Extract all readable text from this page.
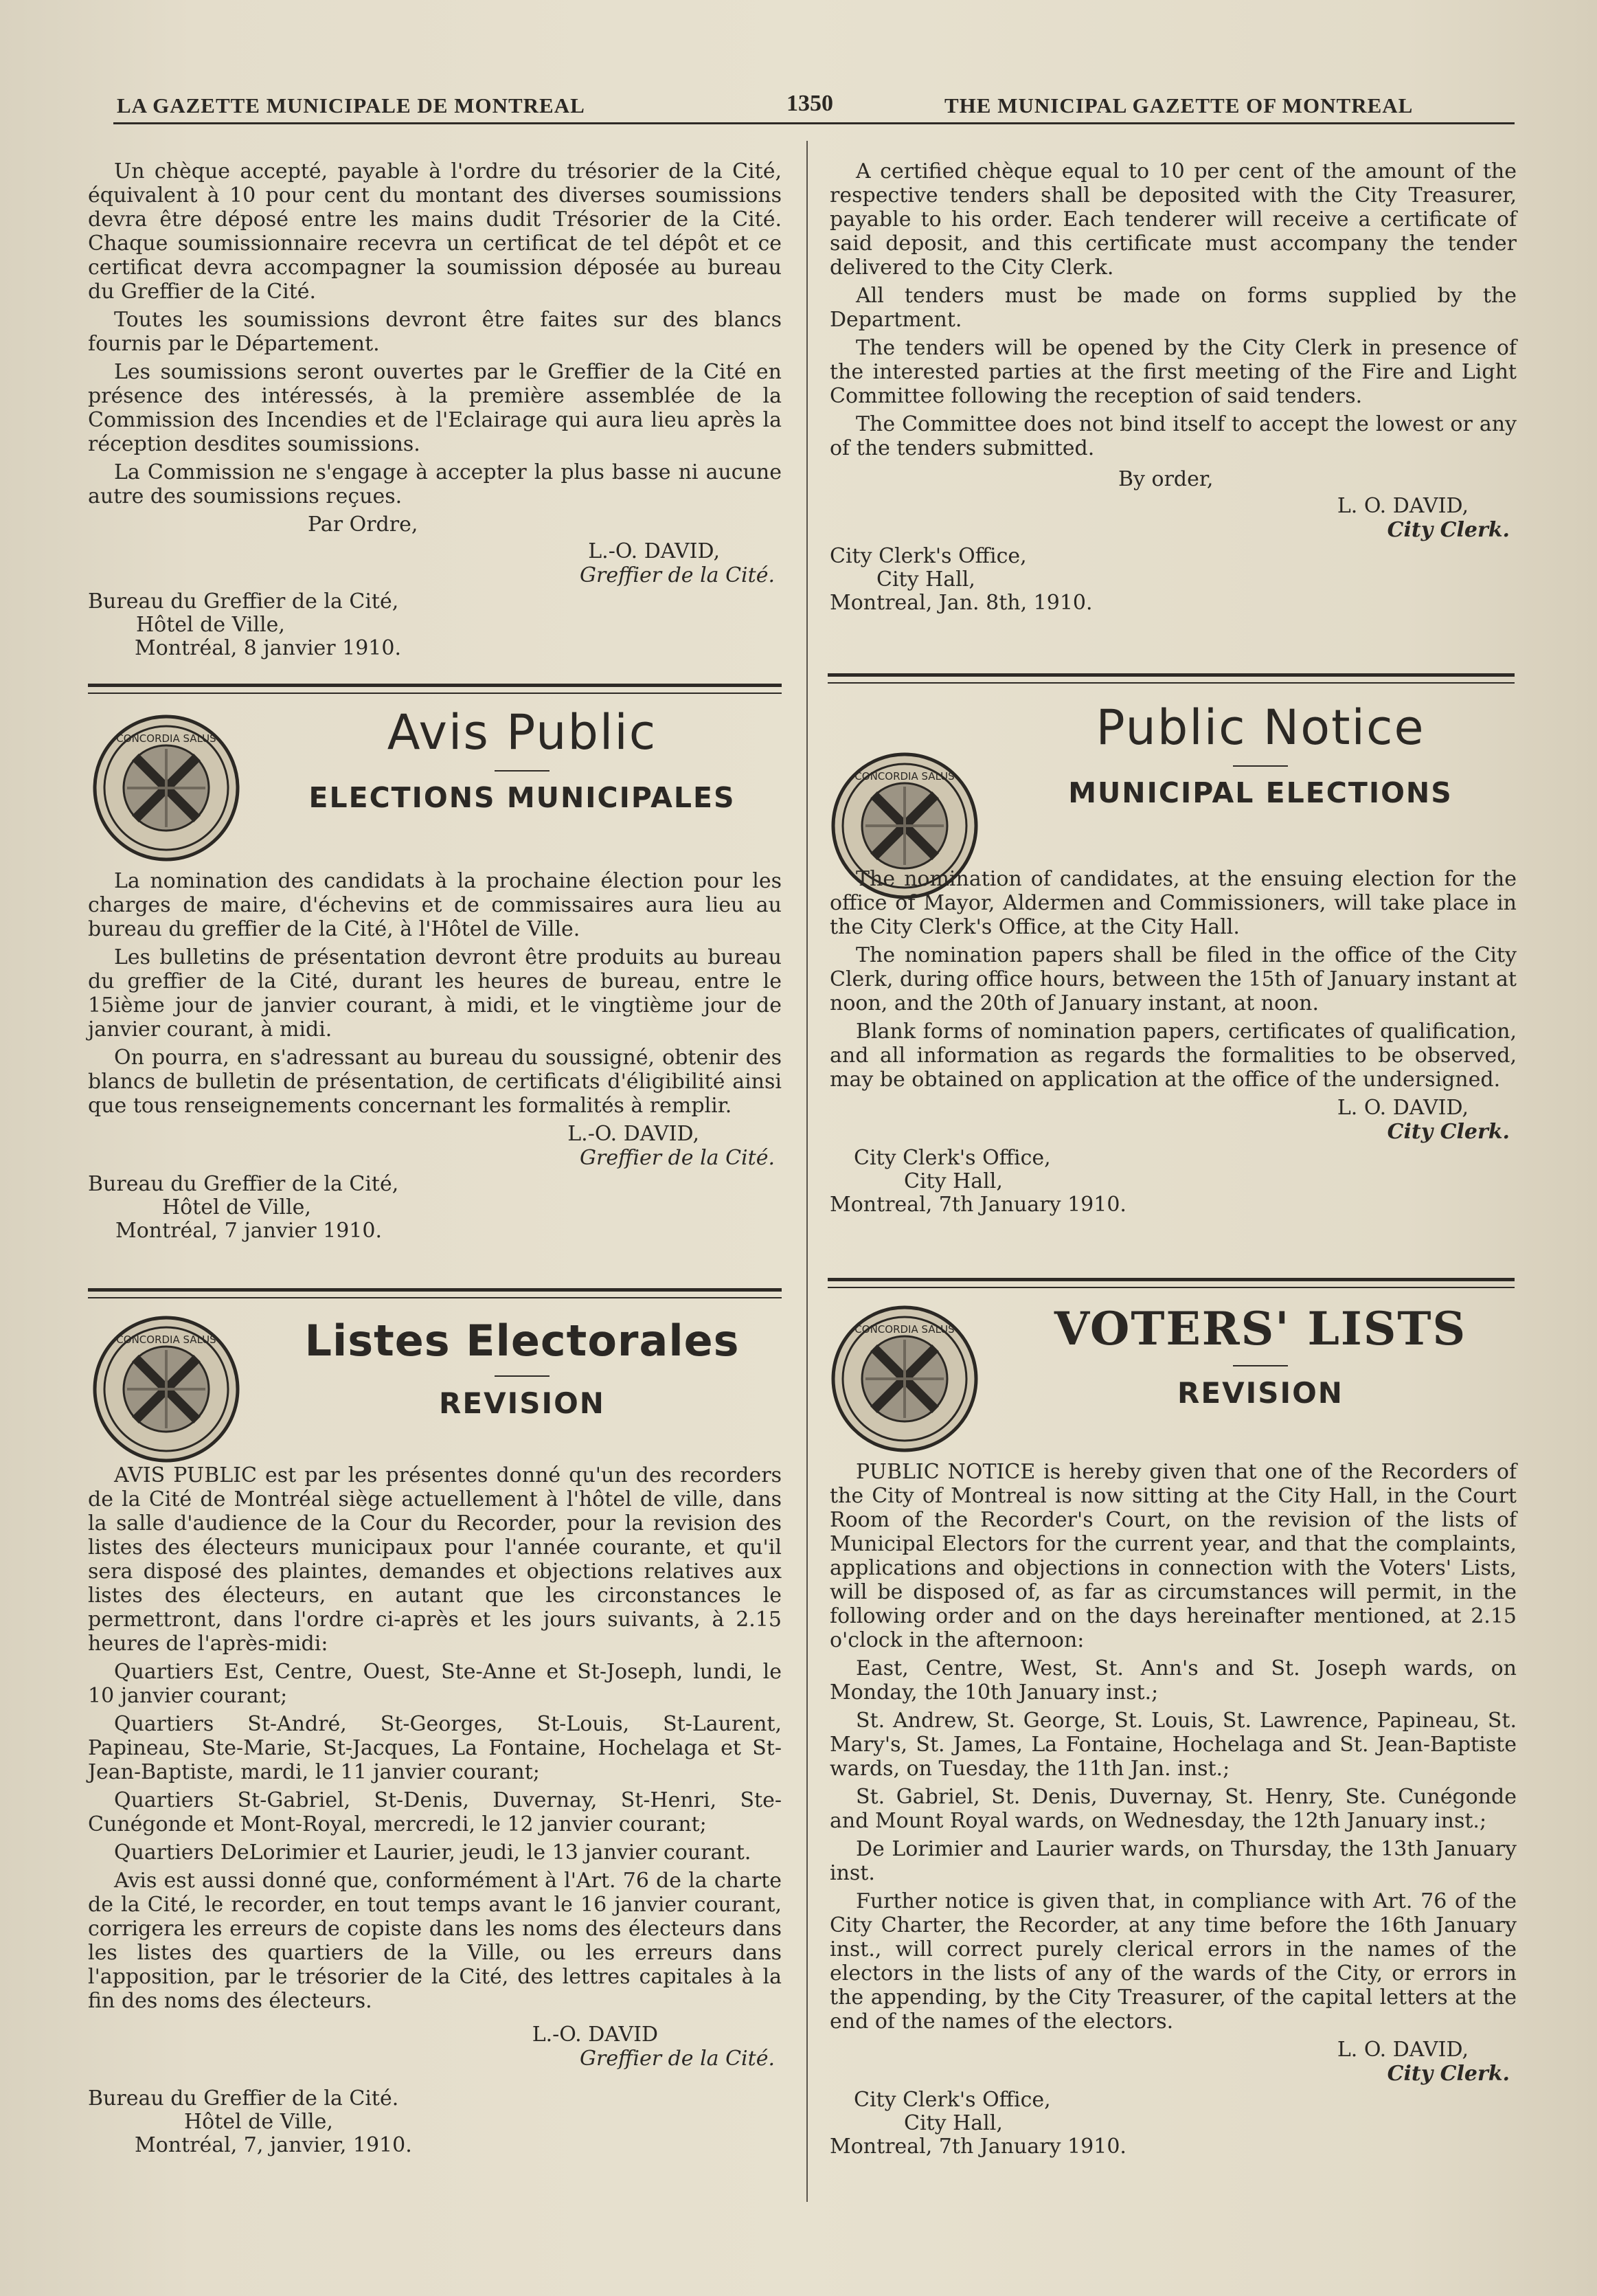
LA GAZETTE MUNICIPALE DE MONTREAL	1350	THE MUNICIPAL GAZETTE OF MONTREAL

Un chèque accepté, payable à l'ordre du trésorier de la Cité, équivalent à 10 pour cent du montant des diverses soumissions devra être déposé entre les mains dudit Trésorier de la Cité. Chaque soumissionnaire recevra un certificat de tel dépôt et ce certificat devra accompagner la soumission déposée au bureau du Greffier de la Cité.

Toutes les soumissions devront être faites sur des blancs fournis par le Département.

Les soumissions seront ouvertes par le Greffier de la Cité en présence des intéressés, à la première assemblée de la Commission des Incendies et de l'Eclairage qui aura lieu après la réception desdites soumissions.

La Commission ne s'engage à accepter la plus basse ni aucune autre des soumissions reçues.

Par Ordre,
L.-O. DAVID,
Greffier de la Cité.
Bureau du Greffier de la Cité,
Hôtel de Ville,
Montréal, 8 janvier 1910.

A certified chèque equal to 10 per cent of the amount of the respective tenders shall be deposited with the City Treasurer, payable to his order. Each tenderer will receive a certificate of said deposit, and this certificate must accompany the tender delivered to the City Clerk.

All tenders must be made on forms supplied by the Department.

The tenders will be opened by the City Clerk in presence of the interested parties at the first meeting of the Fire and Light Committee following the reception of said tenders.

The Committee does not bind itself to accept the lowest or any of the tenders submitted.

By order,
L. O. DAVID,
City Clerk.
City Clerk's Office,
City Hall,
Montreal, Jan. 8th, 1910.
CONCORDIA SALUS	Avis Public
ELECTIONS MUNICIPALES

La nomination des candidats à la prochaine élection pour les charges de maire, d'échevins et de commissaires aura lieu au bureau du greffier de la Cité, à l'Hôtel de Ville.

Les bulletins de présentation devront être produits au bureau du greffier de la Cité, durant les heures de bureau, entre le 15ième jour de janvier courant, à midi, et le vingtième jour de janvier courant, à midi.

On pourra, en s'adressant au bureau du soussigné, obtenir des blancs de bulletin de présentation, de certificats d'éligibilité ainsi que tous renseignements concernant les formalités à remplir.

L.-O. DAVID,
Greffier de la Cité.
Bureau du Greffier de la Cité,
Hôtel de Ville,
Montréal, 7 janvier 1910.
CONCORDIA SALUS
Public Notice
MUNICIPAL ELECTIONS

The nomination of candidates, at the ensuing election for the office of Mayor, Aldermen and Commissioners, will take place in the City Clerk's Office, at the City Hall.

The nomination papers shall be filed in the office of the City Clerk, during office hours, between the 15th of January instant at noon, and the 20th of January instant, at noon.

Blank forms of nomination papers, certificates of qualification, and all information as regards the formalities to be observed, may be obtained on application at the office of the undersigned.

L. O. DAVID,
City Clerk.
City Clerk's Office,
City Hall,
Montreal, 7th January 1910.
CONCORDIA SALUS	Listes Electorales
REVISION

AVIS PUBLIC est par les présentes donné qu'un des recorders de la Cité de Montréal siège actuellement à l'hôtel de ville, dans la salle d'audience de la Cour du Recorder, pour la revision des listes des électeurs municipaux pour l'année courante, et qu'il sera disposé des plaintes, demandes et objections relatives aux listes des électeurs, en autant que les circonstances le permettront, dans l'ordre ci-après et les jours suivants, à 2.15 heures de l'après-midi:

Quartiers Est, Centre, Ouest, Ste-Anne et St-Joseph, lundi, le 10 janvier courant;

Quartiers St-André, St-Georges, St-Louis, St-Laurent, Papineau, Ste-Marie, St-Jacques, La Fontaine, Hochelaga et St-Jean-Baptiste, mardi, le 11 janvier courant;

Quartiers St-Gabriel, St-Denis, Duvernay, St-Henri, Ste-Cunégonde et Mont-Royal, mercredi, le 12 janvier courant;

Quartiers DeLorimier et Laurier, jeudi, le 13 janvier courant.

Avis est aussi donné que, conformément à l'Art. 76 de la charte de la Cité, le recorder, en tout temps avant le 16 janvier courant, corrigera les erreurs de copiste dans les noms des électeurs dans les listes des quartiers de la Ville, ou les erreurs dans l'apposition, par le trésorier de la Cité, des lettres capitales à la fin des noms des électeurs.

L.-O. DAVID
Greffier de la Cité.
Bureau du Greffier de la Cité.
Hôtel de Ville,
Montréal, 7, janvier, 1910.
CONCORDIA SALUS	VOTERS' LISTS
REVISION

PUBLIC NOTICE is hereby given that one of the Recorders of the City of Montreal is now sitting at the City Hall, in the Court Room of the Recorder's Court, on the revision of the lists of Municipal Electors for the current year, and that the complaints, applications and objections in connection with the Voters' Lists, will be disposed of, as far as circumstances will permit, in the following order and on the days hereinafter mentioned, at 2.15 o'clock in the afternoon:

East, Centre, West, St. Ann's and St. Joseph wards, on Monday, the 10th January inst.;

St. Andrew, St. George, St. Louis, St. Lawrence, Papineau, St. Mary's, St. James, La Fontaine, Hochelaga and St. Jean-Baptiste wards, on Tuesday, the 11th Jan. inst.;

St. Gabriel, St. Denis, Duvernay, St. Henry, Ste. Cunégonde and Mount Royal wards, on Wednesday, the 12th January inst.;

De Lorimier and Laurier wards, on Thursday, the 13th January inst.

Further notice is given that, in compliance with Art. 76 of the City Charter, the Recorder, at any time before the 16th January inst., will correct purely clerical errors in the names of the electors in the lists of any of the wards of the City, or errors in the appending, by the City Treasurer, of the capital letters at the end of the names of the electors.

L. O. DAVID,
City Clerk.
City Clerk's Office,
City Hall,
Montreal, 7th January 1910.
